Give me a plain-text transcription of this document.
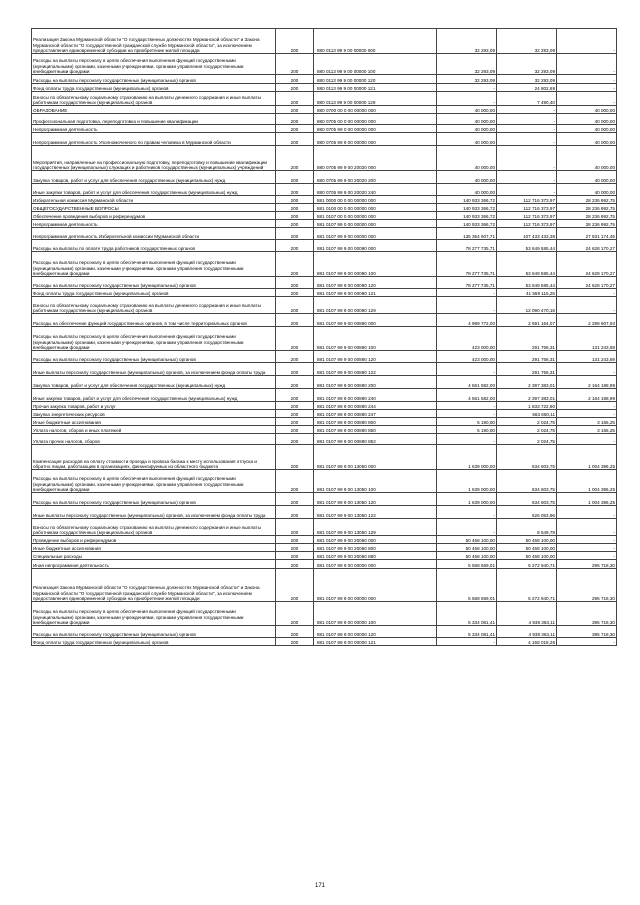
Реализация Закона Мурманской области "О государственных должностях Мурманской области" и Закона Мурманской области "О государственной гражданской службе Мурманской области", за исключением предоставления единовременной субсидии на приобретение жилой площади	200	880 0113 99 9 00 00000 000	32 293,09	32 293,09	-
Расходы на выплаты персоналу в целях обеспечения выполнения функций государственными (муниципальными) органами, казенными учреждениями, органами управления государственными внебюджетными фондами	200	880 0113 99 9 00 00000 100	32 293,09	32 293,09	-
Расходы на выплаты персоналу государственных (муниципальных) органов	200	880 0113 99 9 00 00000 120	32 293,09	32 293,09	-
Фонд оплаты труда государственных (муниципальных) органов	200	880 0113 99 9 00 00000 121	-	24 802,69	-
Взносы по обязательному социальному страхованию на выплаты денежного содержания и иные выплаты работникам государственных (муниципальных) органов	200	880 0113 99 9 00 00000 129	-	7 490,40	-
ОБРАЗОВАНИЕ	200	880 0700 00 0 00 00000 000	40 000,00	-	40 000,00
Профессиональная подготовка, переподготовка и повышение квалификации	200	880 0705 00 0 00 00000 000	40 000,00	-	40 000,00
Непрограммная деятельность	200	880 0705 99 0 00 00000 000	40 000,00	-	40 000,00
Непрограммная деятельность Уполномоченного по правам человека в Мурманской области	200	880 0705 99 9 00 00000 000	40 000,00	-	40 000,00
Мероприятия, направленные на профессиональную подготовку, переподготовку и повышение квалификации государственных (муниципальных) служащих и работников государственных (муниципальных) учреждений	200	880 0705 99 9 00 20020 000	40 000,00	-	40 000,00
Закупка товаров, работ и услуг для обеспечения государственных (муниципальных) нужд	200	880 0705 99 9 00 20020 200	40 000,00	-	40 000,00
Иные закупки товаров, работ и услуг для обеспечения государственных (муниципальных) нужд	200	880 0705 99 9 00 20020 240	40 000,00	-	40 000,00
Избирательная комиссия Мурманской области	200	881 0000 00 0 00 00000 000	140 933 366,72	112 716 373,97	28 236 992,75
ОБЩЕГОСУДАРСТВЕННЫЕ ВОПРОСЫ	200	881 0100 00 0 00 00000 000	140 933 366,72	112 716 373,97	28 236 992,75
Обеспечение проведения выборов и референдумов	200	881 0107 00 0 00 00000 000	140 933 366,72	112 716 373,97	28 236 992,75
Непрограммная деятельность	200	881 0107 99 0 00 00000 000	140 933 366,72	112 716 373,97	28 236 992,75
Непрограммная деятельность Избирательной комиссии Мурманской области	200	881 0107 99 9 00 00000 000	135 364 607,71	107 433 433,38	27 931 174,45
Расходы на выплаты по оплате труда работников государственных органов	200	881 0107 99 9 00 00090 000	78 277 735,71	53 649 585,44	24 628 170,27
Расходы на выплаты персоналу в целях обеспечения выполнения функций государственными (муниципальными) органами, казенными учреждениями, органами управления государственными внебюджетными фондами	200	881 0107 99 9 00 00090 100	78 277 735,71	53 649 585,44	24 628 170,27
Расходы на выплаты персоналу государственных (муниципальных) органов	200	881 0107 99 9 00 00090 120	78 277 735,71	53 649 585,44	24 628 170,27
Фонд оплаты труда государственных (муниципальных) органов	200	881 0107 99 9 00 00090 121	-	41 559 115,26	-
Взносы по обязательному социальному страхованию на выплаты денежного содержания и иные выплаты работникам государственных (муниципальных) органов	200	881 0107 99 9 00 00090 129	-	12 090 470,18	-
Расходы на обеспечение функций государственных органов, в том числе территориальных органов	200	881 0107 99 9 00 00890 000	4 989 772,00	2 691 164,07	2 298 607,93
Расходы на выплаты персоналу в целях обеспечения выполнения функций государственными (муниципальными) органами, казенными учреждениями, органами управления государственными внебюджетными фондами	200	881 0107 99 9 00 00890 100	423 000,00	291 756,31	131 243,69
Расходы на выплаты персоналу государственных (муниципальных) органов	200	881 0107 99 9 00 00890 120	423 000,00	291 756,31	131 243,69
Иные выплаты персоналу государственных (муниципальных) органов, за исключением фонда оплаты труда	200	881 0107 99 9 00 00890 122	-	291 756,31	-
Закупка товаров, работ и услуг для обеспечения государственных (муниципальных) нужд	200	881 0107 99 9 00 00890 200	4 561 582,00	2 397 383,01	2 164 198,99
Иные закупки товаров, работ и услуг для обеспечения государственных (муниципальных) нужд	200	881 0107 99 9 00 00890 240	4 561 582,00	2 397 383,01	2 164 198,99
Прочая закупка товаров, работ и услуг	200	881 0107 99 9 00 00890 244	-	1 833 722,90	-
Закупка энергетических ресурсов	200	881 0107 99 9 00 00890 247	-	563 660,11	-
Иные бюджетные ассигнования	200	881 0107 99 9 00 00890 800	5 190,00	2 024,75	3 165,25
Уплата налогов, сборов и иных платежей	200	881 0107 99 9 00 00890 850	5 190,00	2 024,75	3 165,25
Уплата прочих налогов, сборов	200	881 0107 99 9 00 00890 852	-	2 024,75	-
Компенсация расходов на оплату стоимости проезда и провоза багажа к месту использования отпуска и обратно лицам, работающим в организациях, финансируемых из областного бюджета	200	881 0107 99 9 00 13050 000	1 639 000,00	634 603,75	1 004 396,25
Расходы на выплаты персоналу в целях обеспечения выполнения функций государственными (муниципальными) органами, казенными учреждениями, органами управления государственными внебюджетными фондами	200	881 0107 99 9 00 13050 100	1 639 000,00	634 603,75	1 004 396,25
Расходы на выплаты персоналу государственных (муниципальных) органов	200	881 0107 99 9 00 13050 120	1 639 000,00	634 603,75	1 004 396,25
Иные выплаты персоналу государственных (муниципальных) органов, за исключением фонда оплаты труда	200	881 0107 99 9 00 13050 122	-	626 053,96	-
Взносы по обязательному социальному страхованию на выплаты денежного содержания и иные выплаты работникам государственных (муниципальных) органов	200	881 0107 99 9 00 13050 129	-	8 549,79	-
Проведение выборов и референдумов	200	881 0107 99 9 00 20060 000	50 458 100,00	50 458 100,00	-
Иные бюджетные ассигнования	200	881 0107 99 9 00 20060 800	50 458 100,00	50 458 100,00	-
Специальные расходы	200	881 0107 99 9 00 20060 880	50 458 100,00	50 458 100,00	-
Иная непрограммная деятельность	200	881 0107 99 9 00 00000 000	5 568 659,01	5 272 940,71	295 718,30
Реализация Закона Мурманской области "О государственных должностях Мурманской области" и Закона Мурманской области "О государственной гражданской службе Мурманской области", за исключением предоставления единовременной субсидии на приобретение жилой площади	200	881 0107 99 9 00 00000 000	5 568 659,01	5 272 940,71	295 718,30
Расходы на выплаты персоналу в целях обеспечения выполнения функций государственными (муниципальными) органами, казенными учреждениями, органами управления государственными внебюджетными фондами	200	881 0107 99 9 00 00000 100	5 334 081,41	4 938 363,11	395 718,30
Расходы на выплаты персоналу государственных (муниципальных) органов	200	881 0107 99 9 00 00000 120	5 334 081,41	4 938 363,11	395 718,30
Фонд оплаты труда государственных (муниципальных) органов	200	881 0107 99 9 00 00000 121	-	4 158 018,26	-
171
